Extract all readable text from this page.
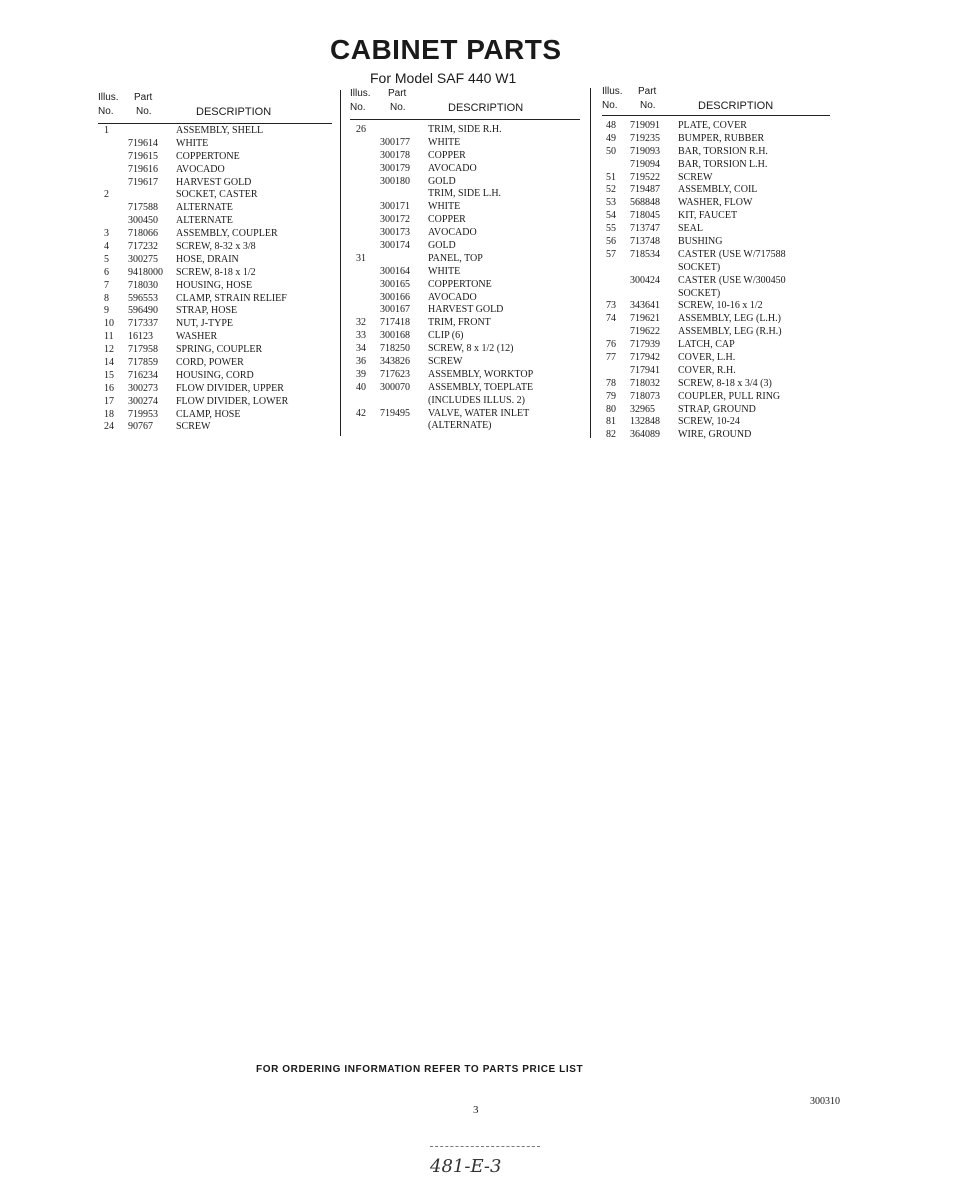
CABINET PARTS
For Model SAF 440 W1
Illus. Part
No. No.	DESCRIPTION
1	ASSEMBLY, SHELL
719614 WHITE
719615 COPPERTONE
719616 AVOCADO
719617 HARVEST GOLD
2	SOCKET, CASTER
717588 ALTERNATE
300450 ALTERNATE
3 718066 ASSEMBLY, COUPLER
4 717232 SCREW, 8-32 x 3/8
5 300275 HOSE, DRAIN
6 9418000 SCREW, 8-18 x 1/2
7 718030 HOUSING, HOSE
8 596553 CLAMP, STRAIN RELIEF
9 596490 STRAP, HOSE
10 717337 NUT, J-TYPE
11 16123 WASHER
12 717958 SPRING, COUPLER
14 717859 CORD, POWER
15 716234 HOUSING, CORD
16 300273 FLOW DIVIDER, UPPER
17 300274 FLOW DIVIDER, LOWER
18 719953 CLAMP, HOSE
24 90767 SCREW
Illus. Part
No. No.	DESCRIPTION
26	TRIM, SIDE R.H.
300177 WHITE
300178 COPPER
300179 AVOCADO
300180 GOLD
TRIM, SIDE L.H.
300171 WHITE
300172 COPPER
300173 AVOCADO
300174 GOLD
31	PANEL, TOP
300164 WHITE
300165 COPPERTONE
300166 AVOCADO
300167 HARVEST GOLD
32 717418 TRIM, FRONT
33 300168 CLIP (6)
34 718250 SCREW, 8 x 1/2 (12)
36 343826 SCREW
39 717623 ASSEMBLY, WORKTOP
40 300070 ASSEMBLY, TOEPLATE
(INCLUDES ILLUS. 2)
42 719495 VALVE, WATER INLET
(ALTERNATE)
Illus. Part
No. No.	DESCRIPTION
48 719091 PLATE, COVER
49 719235 BUMPER, RUBBER
50 719093 BAR, TORSION R.H.
719094 BAR, TORSION L.H.
51 719522 SCREW
52 719487 ASSEMBLY, COIL
53 568848 WASHER, FLOW
54 718045 KIT, FAUCET
55 713747 SEAL
56 713748 BUSHING
57 718534 CASTER (USE W/717588
SOCKET)
300424 CASTER (USE W/300450
SOCKET)
73 343641 SCREW, 10-16 x 1/2
74 719621 ASSEMBLY, LEG (L.H.)
719622 ASSEMBLY, LEG (R.H.)
76 717939 LATCH, CAP
77 717942 COVER, L.H.
717941 COVER, R.H.
78 718032 SCREW, 8-18 x 3/4 (3)
79 718073 COUPLER, PULL RING
80 32965 STRAP, GROUND
81 132848 SCREW, 10-24
82 364089 WIRE, GROUND
FOR ORDERING INFORMATION REFER TO PARTS PRICE LIST
3
300310
481-E-3
